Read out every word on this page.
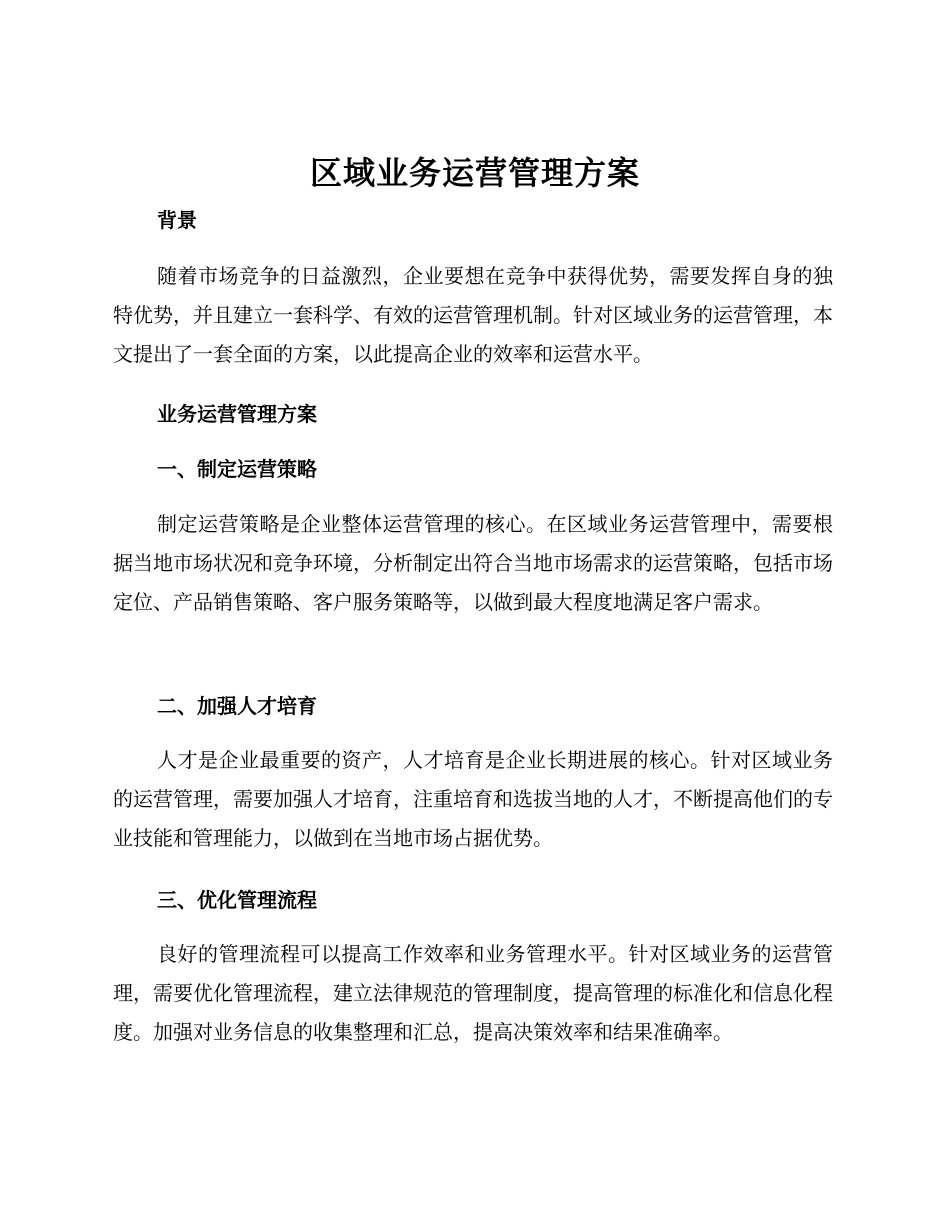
区域业务运营管理方案
背景

随着市场竞争的日益激烈，企业要想在竞争中获得优势，需要发挥自身的独特优势，并且建立一套科学、有效的运营管理机制。针对区域业务的运营管理，本文提出了一套全面的方案，以此提高企业的效率和运营水平。

业务运营管理方案
一、制定运营策略

制定运营策略是企业整体运营管理的核心。在区域业务运营管理中，需要根据当地市场状况和竞争环境，分析制定出符合当地市场需求的运营策略，包括市场定位、产品销售策略、客户服务策略等，以做到最大程度地满足客户需求。

二、加强人才培育

人才是企业最重要的资产，人才培育是企业长期进展的核心。针对区域业务的运营管理，需要加强人才培育，注重培育和选拔当地的人才，不断提高他们的专业技能和管理能力，以做到在当地市场占据优势。

三、优化管理流程

良好的管理流程可以提高工作效率和业务管理水平。针对区域业务的运营管理，需要优化管理流程，建立法律规范的管理制度，提高管理的标准化和信息化程度。加强对业务信息的收集整理和汇总，提高决策效率和结果准确率。
